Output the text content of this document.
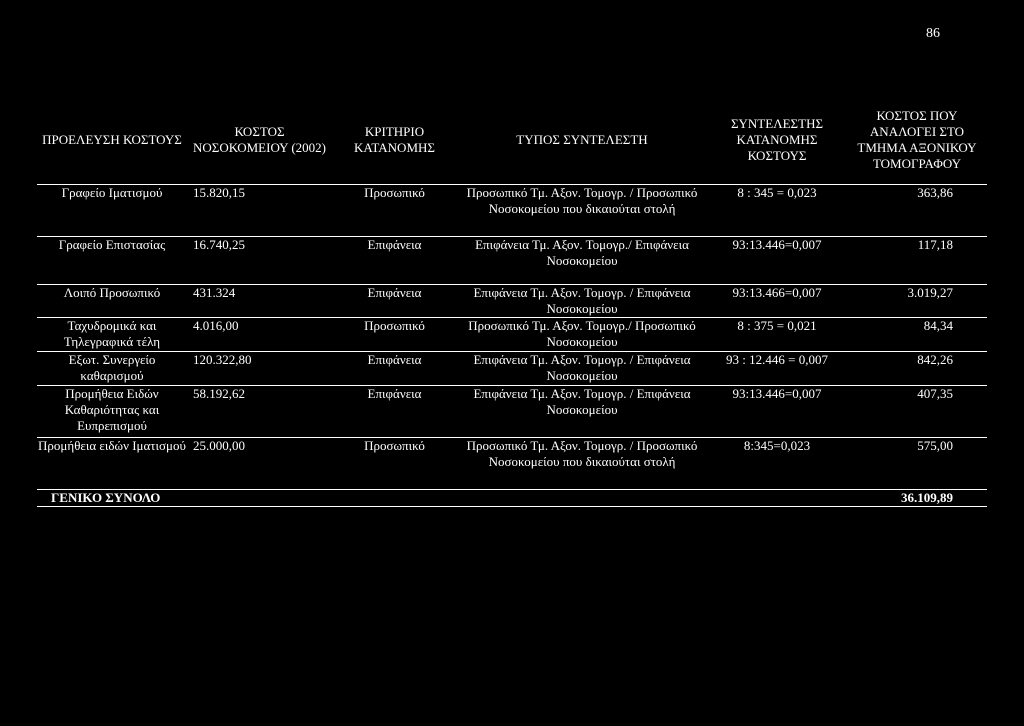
86
ΠΡΟΕΛΕΥΣΗ ΚΟΣΤΟΥΣ	ΚΟΣΤΟΣ ΝΟΣΟΚΟΜΕΙΟΥ (2002)	ΚΡΙΤΗΡΙΟ ΚΑΤΑΝΟΜΗΣ	ΤΥΠΟΣ ΣΥΝΤΕΛΕΣΤΗ	ΣΥΝΤΕΛΕΣΤΗΣ ΚΑΤΑΝΟΜΗΣ ΚΟΣΤΟΥΣ	ΚΟΣΤΟΣ ΠΟΥ ΑΝΑΛΟΓΕΙ ΣΤΟ ΤΜΗΜΑ ΑΞΟΝΙΚΟΥ ΤΟΜΟΓΡΑΦΟΥ
Γραφείο Ιματισμού	15.820,15	Προσωπικό	Προσωπικό Τμ. Αξον. Τομογρ. / Προσωπικό Νοσοκομείου που δικαιούται στολή	8 : 345 = 0,023	363,86
Γραφείο Επιστασίας	16.740,25	Επιφάνεια	Επιφάνεια Τμ. Αξον. Τομογρ./ Επιφάνεια Νοσοκομείου	93:13.446=0,007	117,18
Λοιπό Προσωπικό	431.324	Επιφάνεια	Επιφάνεια Τμ. Αξον. Τομογρ. / Επιφάνεια Νοσοκομείου	93:13.466=0,007	3.019,27
Ταχυδρομικά και Τηλεγραφικά τέλη	4.016,00	Προσωπικό	Προσωπικό Τμ. Αξον. Τομογρ./ Προσωπικό Νοσοκομείου	8 : 375 = 0,021	84,34
Εξωτ. Συνεργείο καθαρισμού	120.322,80	Επιφάνεια	Επιφάνεια Τμ. Αξον. Τομογρ. / Επιφάνεια Νοσοκομείου	93 : 12.446 = 0,007	842,26
Προμήθεια Ειδών Καθαριότητας και Ευπρεπισμού	58.192,62	Επιφάνεια	Επιφάνεια Τμ. Αξον. Τομογρ. / Επιφάνεια Νοσοκομείου	93:13.446=0,007	407,35
Προμήθεια ειδών Ιματισμού	25.000,00	Προσωπικό	Προσωπικό Τμ. Αξον. Τομογρ. / Προσωπικό Νοσοκομείου που δικαιούται στολή	8:345=0,023	575,00
ΓΕΝΙΚΟ ΣΥΝΟΛΟ					36.109,89
